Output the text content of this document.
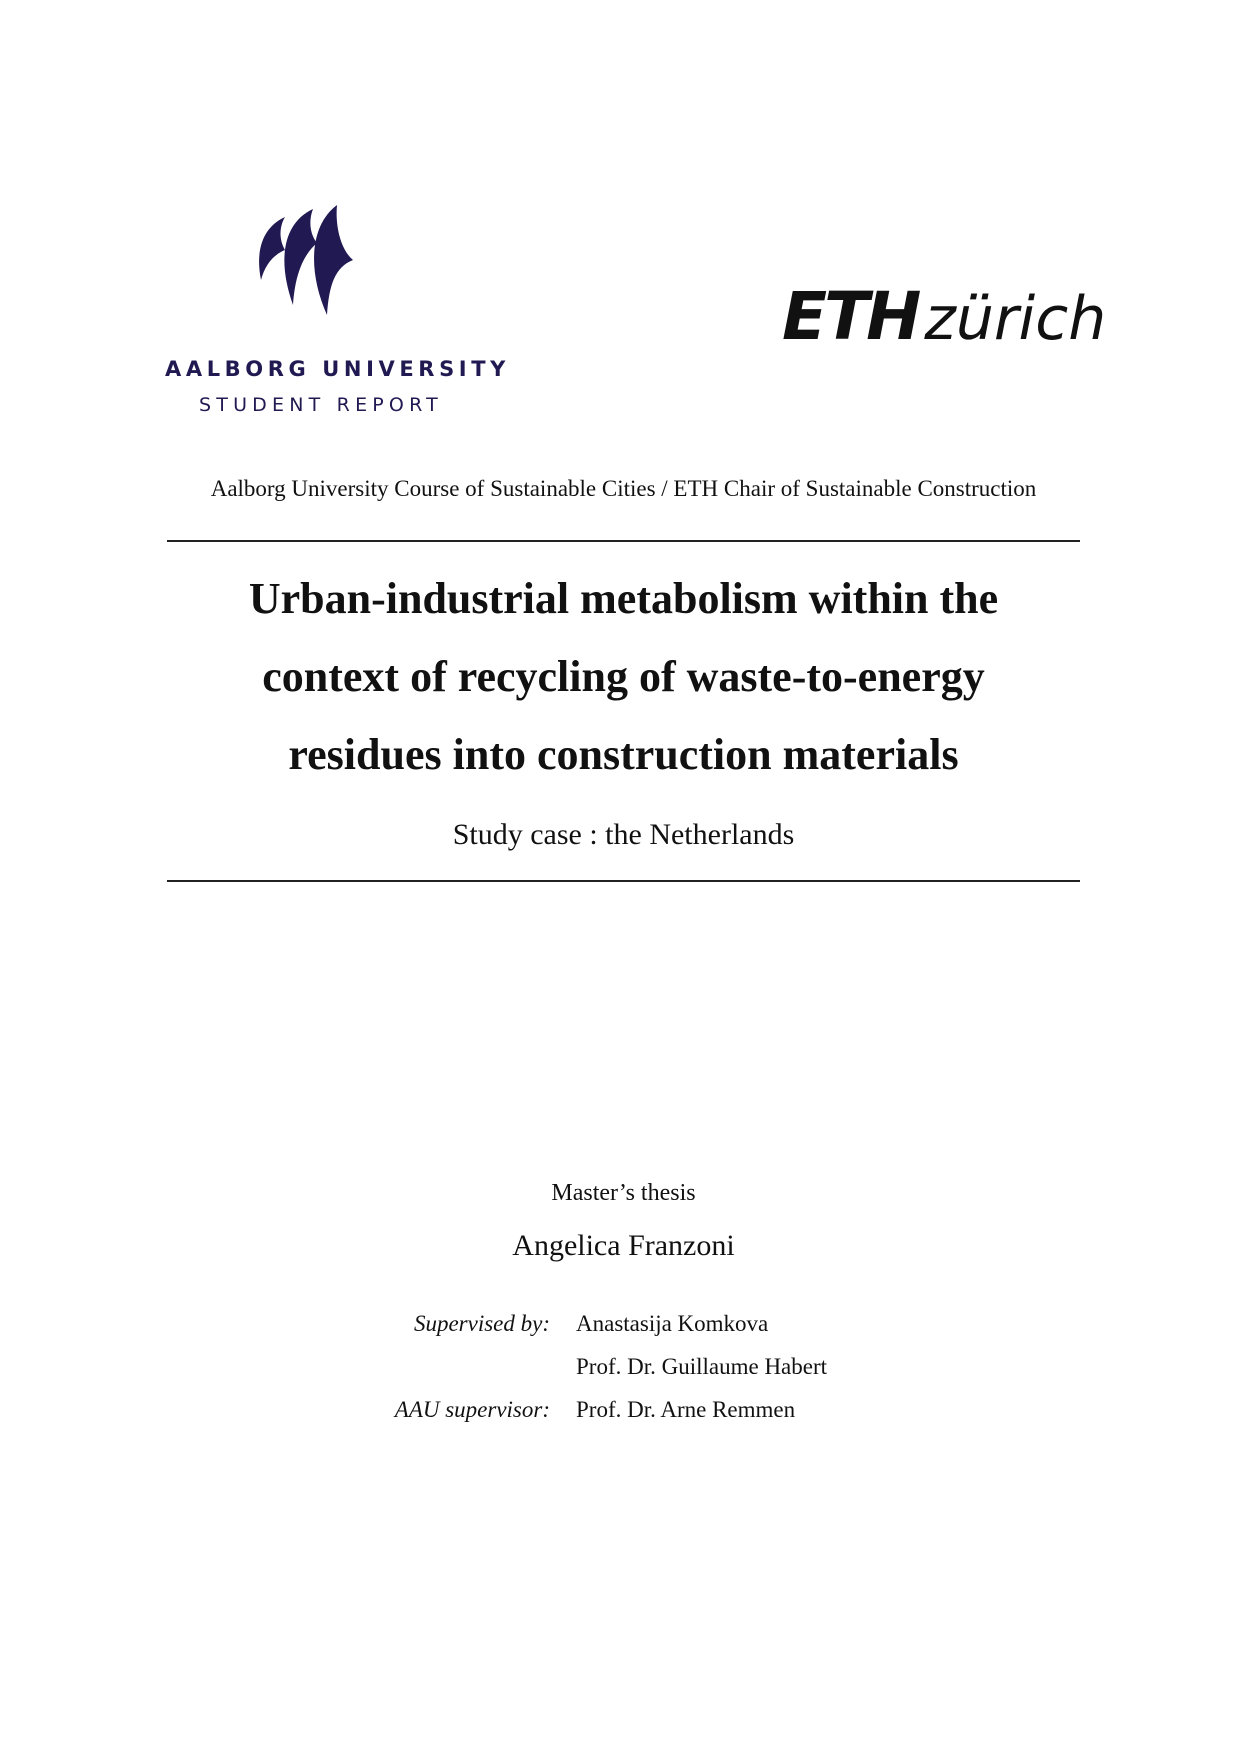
AALBORG UNIVERSITY
STUDENT REPORT
ETH zürich
Aalborg University Course of Sustainable Cities / ETH Chair of Sustainable Construction
Urban-industrial metabolism within the
context of recycling of waste-to-energy
residues into construction materials
Study case : the Netherlands
Master’s thesis
Angelica Franzoni
Supervised by: Anastasija Komkova
Prof. Dr. Guillaume Habert
AAU supervisor: Prof. Dr. Arne Remmen
